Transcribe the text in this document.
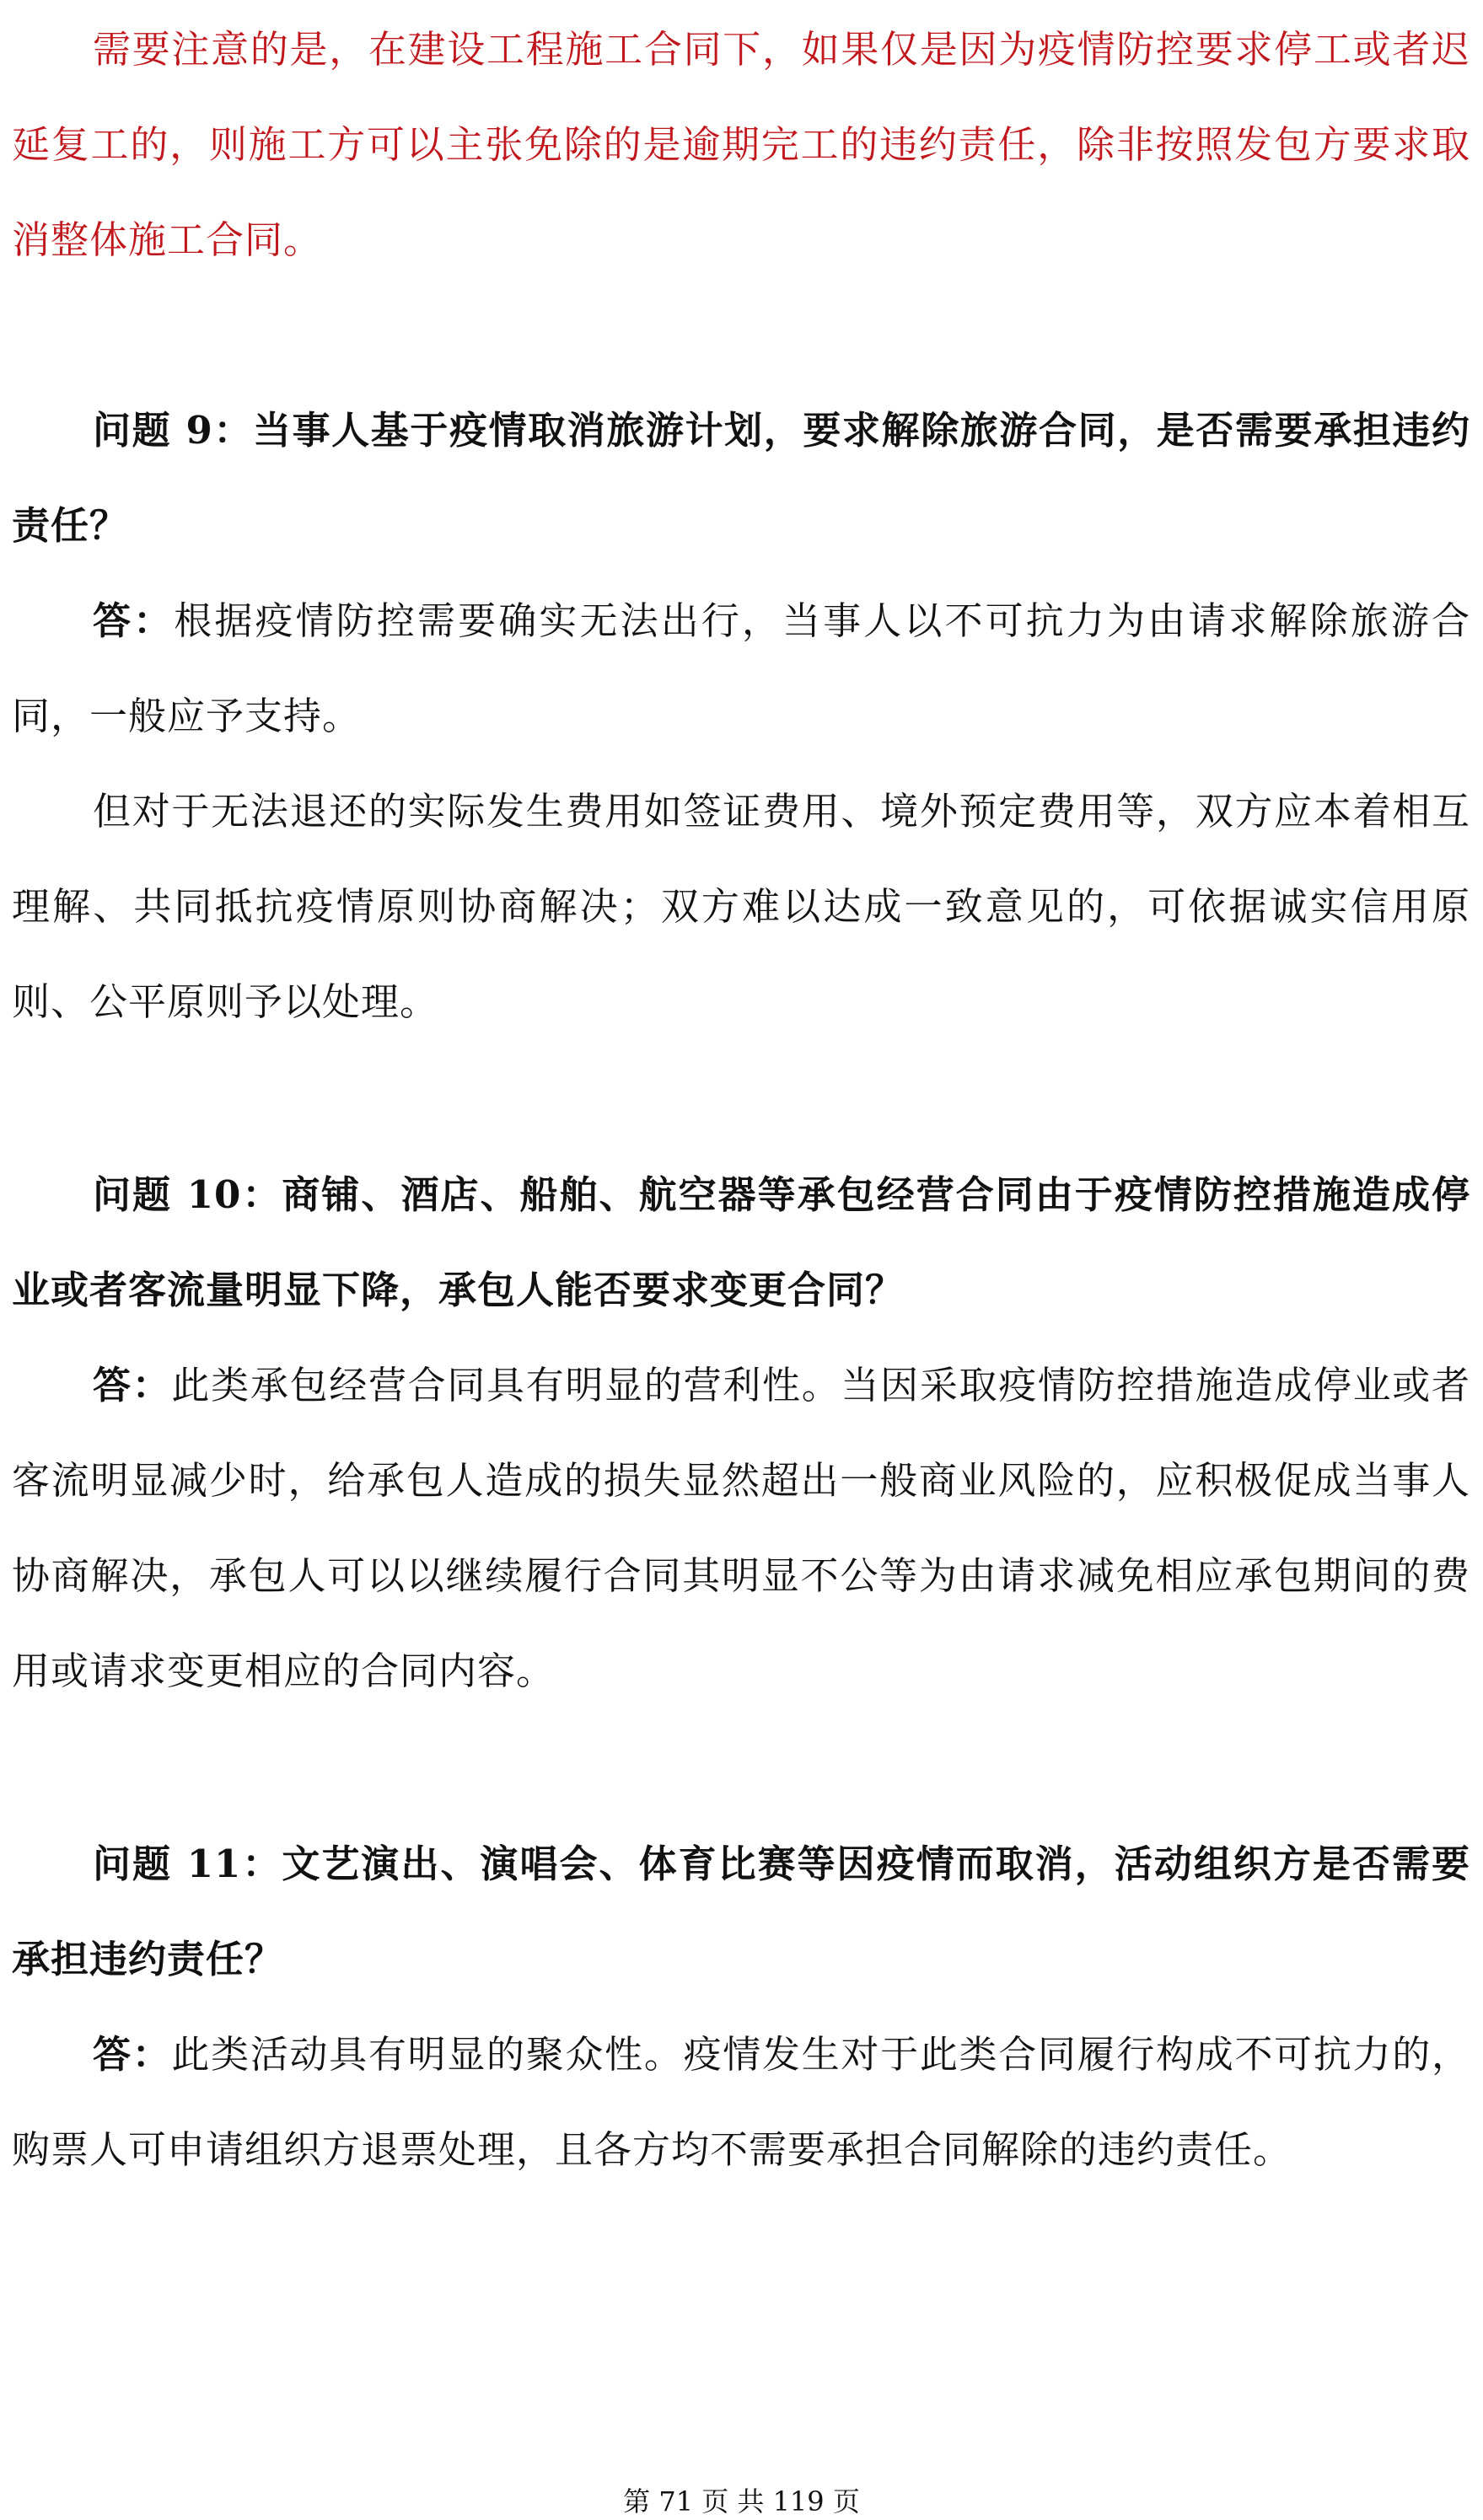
需要注意的是，在建设工程施工合同下，如果仅是因为疫情防控要求停工或者迟延复工的，则施工方可以主张免除的是逾期完工的违约责任，除非按照发包方要求取消整体施工合同。

问题 9：当事人基于疫情取消旅游计划，要求解除旅游合同，是否需要承担违约责任？

答：根据疫情防控需要确实无法出行，当事人以不可抗力为由请求解除旅游合同，一般应予支持。

但对于无法退还的实际发生费用如签证费用、境外预定费用等，双方应本着相互理解、共同抵抗疫情原则协商解决；双方难以达成一致意见的，可依据诚实信用原则、公平原则予以处理。

问题 10：商铺、酒店、船舶、航空器等承包经营合同由于疫情防控措施造成停业或者客流量明显下降，承包人能否要求变更合同？

答：此类承包经营合同具有明显的营利性。当因采取疫情防控措施造成停业或者客流明显减少时，给承包人造成的损失显然超出一般商业风险的，应积极促成当事人协商解决，承包人可以以继续履行合同其明显不公等为由请求减免相应承包期间的费用或请求变更相应的合同内容。

问题 11：文艺演出、演唱会、体育比赛等因疫情而取消，活动组织方是否需要承担违约责任？

答：此类活动具有明显的聚众性。疫情发生对于此类合同履行构成不可抗力的，购票人可申请组织方退票处理，且各方均不需要承担合同解除的违约责任。

第 71 页 共 119 页
